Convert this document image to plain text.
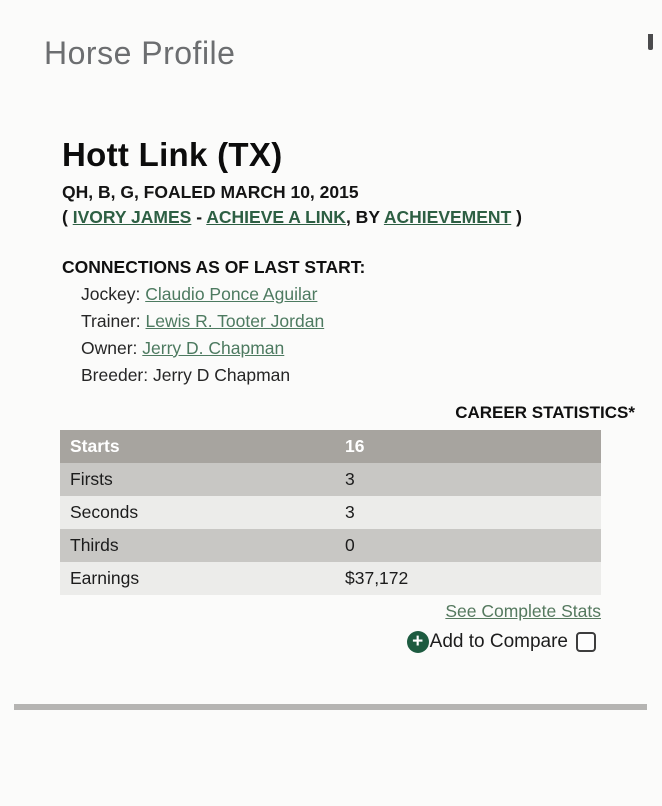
Horse Profile
Hott Link (TX)
QH, B, G, FOALED MARCH 10, 2015
( IVORY JAMES - ACHIEVE A LINK, BY ACHIEVEMENT )
CONNECTIONS AS OF LAST START:
Jockey: Claudio Ponce Aguilar
Trainer: Lewis R. Tooter Jordan
Owner: Jerry D. Chapman
Breeder: Jerry D Chapman
CAREER STATISTICS*
Starts	16
Firsts	3
Seconds	3
Thirds	0
Earnings	$37,172
See Complete Stats
+ Add to Compare
